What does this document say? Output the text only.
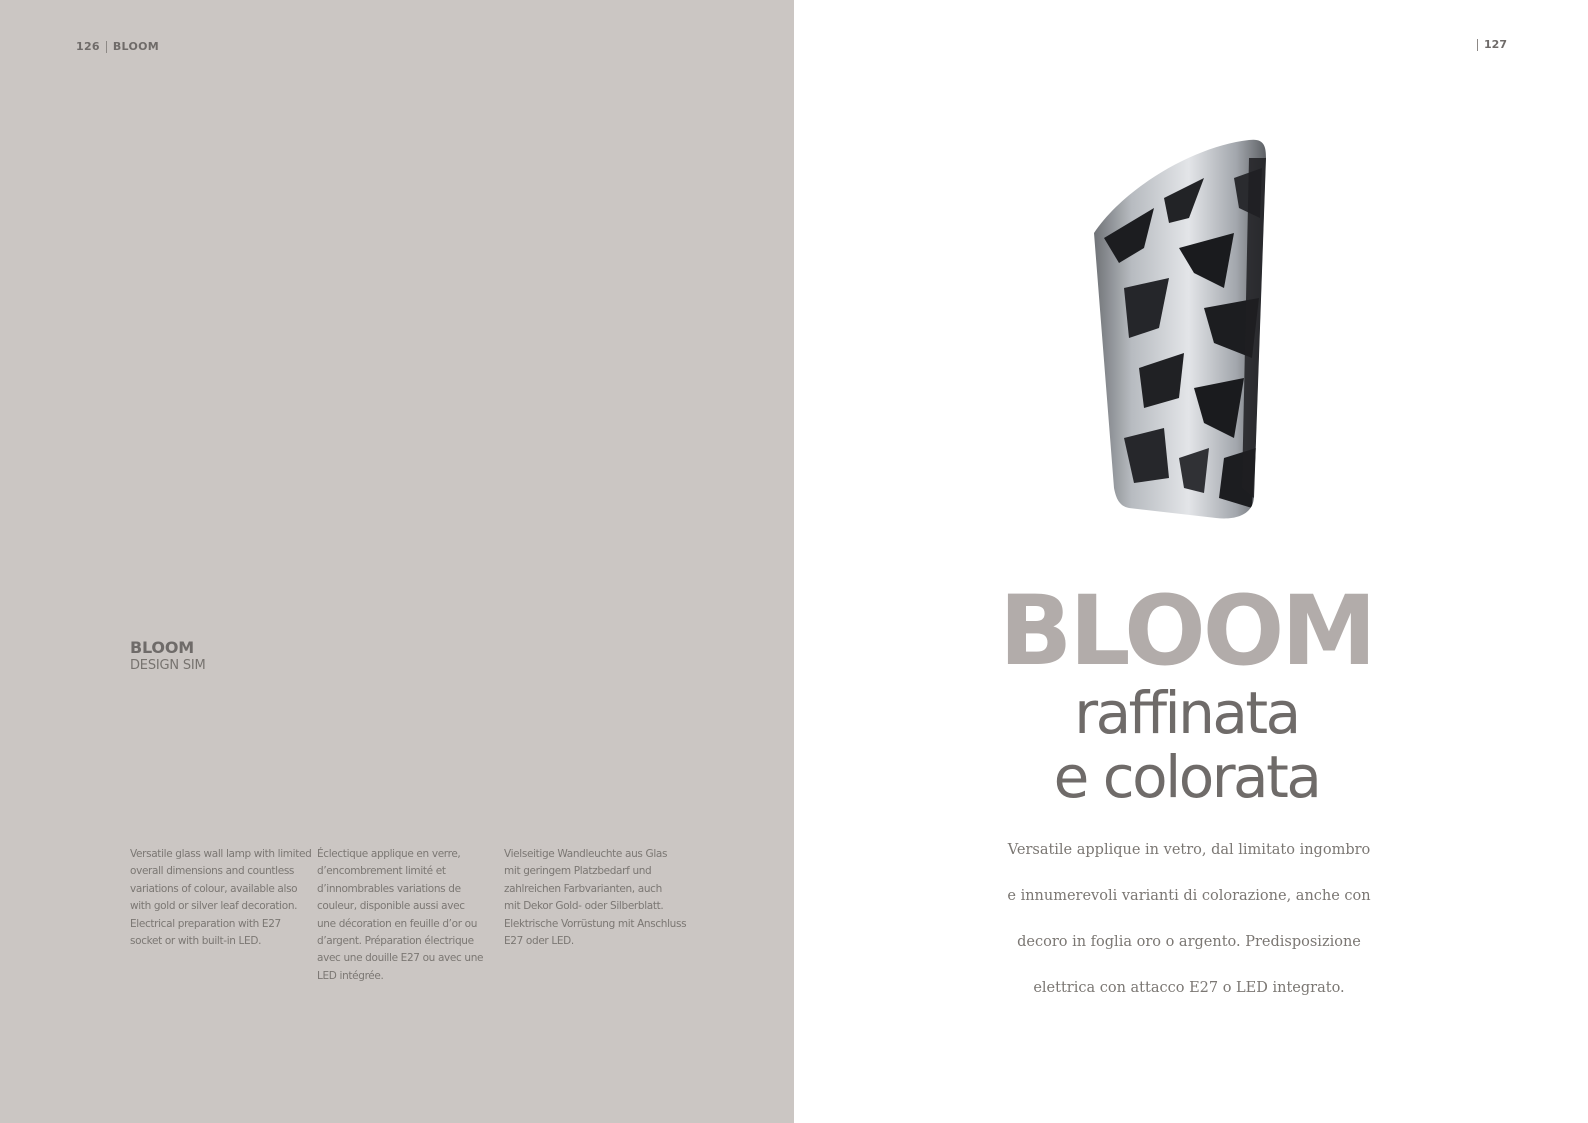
126 BLOOM
BLOOM
DESIGN SIM
Versatile glass wall lamp with limited
overall dimensions and countless
variations of colour, available also
with gold or silver leaf decoration.
Electrical preparation with E27
socket or with built-in LED.
Éclectique applique en verre,
d’encombrement limité et
d’innombrables variations de
couleur, disponible aussi avec
une décoration en feuille d’or ou
d’argent. Préparation électrique
avec une douille E27 ou avec une
LED intégrée.
Vielseitige Wandleuchte aus Glas
mit geringem Platzbedarf und
zahlreichen Farbvarianten, auch
mit Dekor Gold- oder Silberblatt.
Elektrische Vorrüstung mit Anschluss
E27 oder LED.
127
BLOOM
raffinata
e colorata
Versatile applique in vetro, dal limitato ingombro
e innumerevoli varianti di colorazione, anche con
decoro in foglia oro o argento. Predisposizione
elettrica con attacco E27 o LED integrato.
